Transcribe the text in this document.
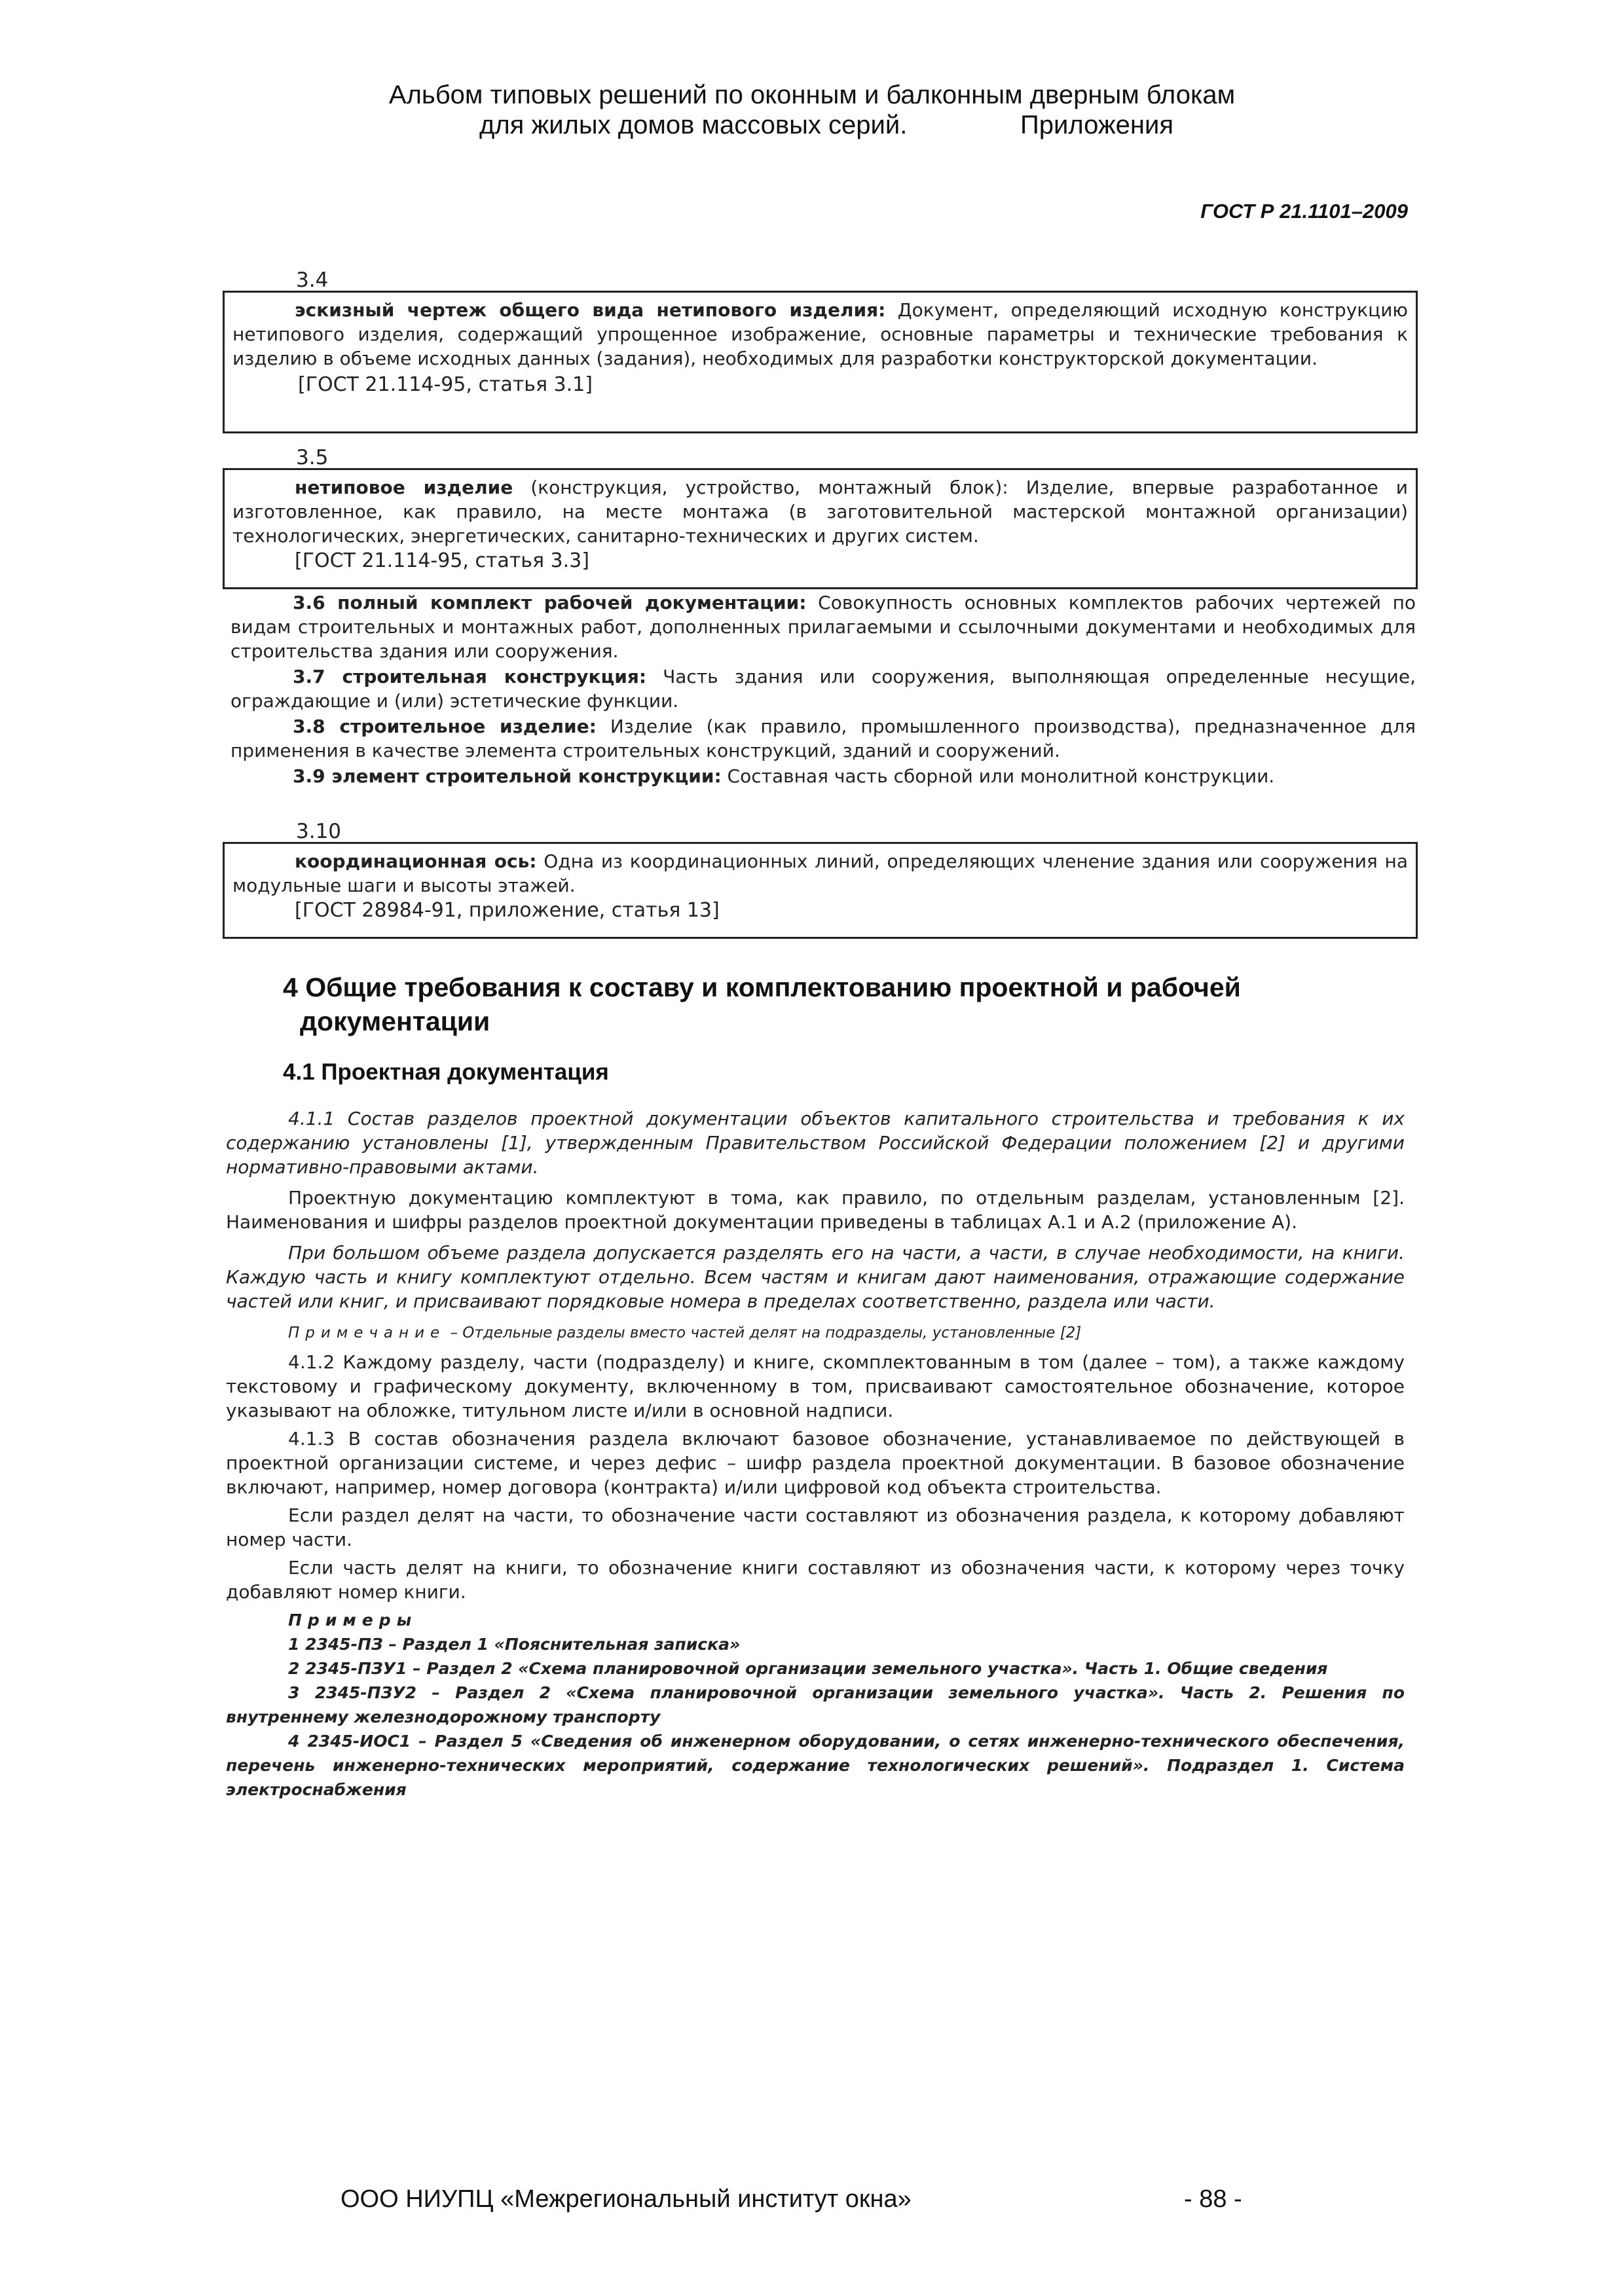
Альбом типовых решений по оконным и балконным дверным блокам
для жилых домов массовых серий.	Приложения
ГОСТ Р 21.1101–2009
3.4
эскизный чертеж общего вида нетипового изделия: Документ, определяющий исходную конструкцию нетипового изделия, содержащий упрощенное изображение, основные параметры и технические требования к изделию в объеме исходных данных (задания), необходимых для разработки конструкторской документации.
[ГОСТ 21.114-95, статья 3.1]
3.5
нетиповое изделие (конструкция, устройство, монтажный блок): Изделие, впервые разработанное и изготовленное, как правило, на месте монтажа (в заготовительной мастерской монтажной организации) технологических, энергетических, санитарно-технических и других систем.
[ГОСТ 21.114-95, статья 3.3]
3.6 полный комплект рабочей документации: Совокупность основных комплектов рабочих чертежей по видам строительных и монтажных работ, дополненных прилагаемыми и ссылочными документами и необходимых для строительства здания или сооружения.
3.7 строительная конструкция: Часть здания или сооружения, выполняющая определенные несущие, ограждающие и (или) эстетические функции.
3.8 строительное изделие: Изделие (как правило, промышленного производства), предназначенное для применения в качестве элемента строительных конструкций, зданий и сооружений.
3.9 элемент строительной конструкции: Составная часть сборной или монолитной конструкции.
3.10
координационная ось: Одна из координационных линий, определяющих членение здания или сооружения на модульные шаги и высоты этажей.
[ГОСТ 28984-91, приложение, статья 13]
4 Общие требования к составу и комплектованию проектной и рабочей документации
4.1 Проектная документация
4.1.1 Состав разделов проектной документации объектов капитального строительства и требования к их содержанию установлены [1], утвержденным Правительством Российской Федерации положением [2] и другими нормативно-правовыми актами.
Проектную документацию комплектуют в тома, как правило, по отдельным разделам, установленным [2]. Наименования и шифры разделов проектной документации приведены в таблицах А.1 и А.2 (приложение А).
При большом объеме раздела допускается разделять его на части, а части, в случае необходимости, на книги. Каждую часть и книгу комплектуют отдельно. Всем частям и книгам дают наименования, отражающие содержание частей или книг, и присваивают порядковые номера в пределах соответственно, раздела или части.
Примечание – Отдельные разделы вместо частей делят на подразделы, установленные [2]
4.1.2 Каждому разделу, части (подразделу) и книге, скомплектованным в том (далее – том), а также каждому текстовому и графическому документу, включенному в том, присваивают самостоятельное обозначение, которое указывают на обложке, титульном листе и/или в основной надписи.
4.1.3 В состав обозначения раздела включают базовое обозначение, устанавливаемое по действующей в проектной организации системе, и через дефис – шифр раздела проектной документации. В базовое обозначение включают, например, номер договора (контракта) и/или цифровой код объекта строительства.
Если раздел делят на части, то обозначение части составляют из обозначения раздела, к которому добавляют номер части.
Если часть делят на книги, то обозначение книги составляют из обозначения части, к которому через точку добавляют номер книги.
Примеры
1 2345-ПЗ – Раздел 1 «Пояснительная записка»
2 2345-ПЗУ1 – Раздел 2 «Схема планировочной организации земельного участка». Часть 1. Общие сведения
3 2345-ПЗУ2 – Раздел 2 «Схема планировочной организации земельного участка». Часть 2. Решения по внутреннему железнодорожному транспорту
4 2345-ИОС1 – Раздел 5 «Сведения об инженерном оборудовании, о сетях инженерно-технического обеспечения, перечень инженерно-технических мероприятий, содержание технологических решений». Подраздел 1. Система электроснабжения
ООО НИУПЦ «Межрегиональный институт окна»	- 88 -
